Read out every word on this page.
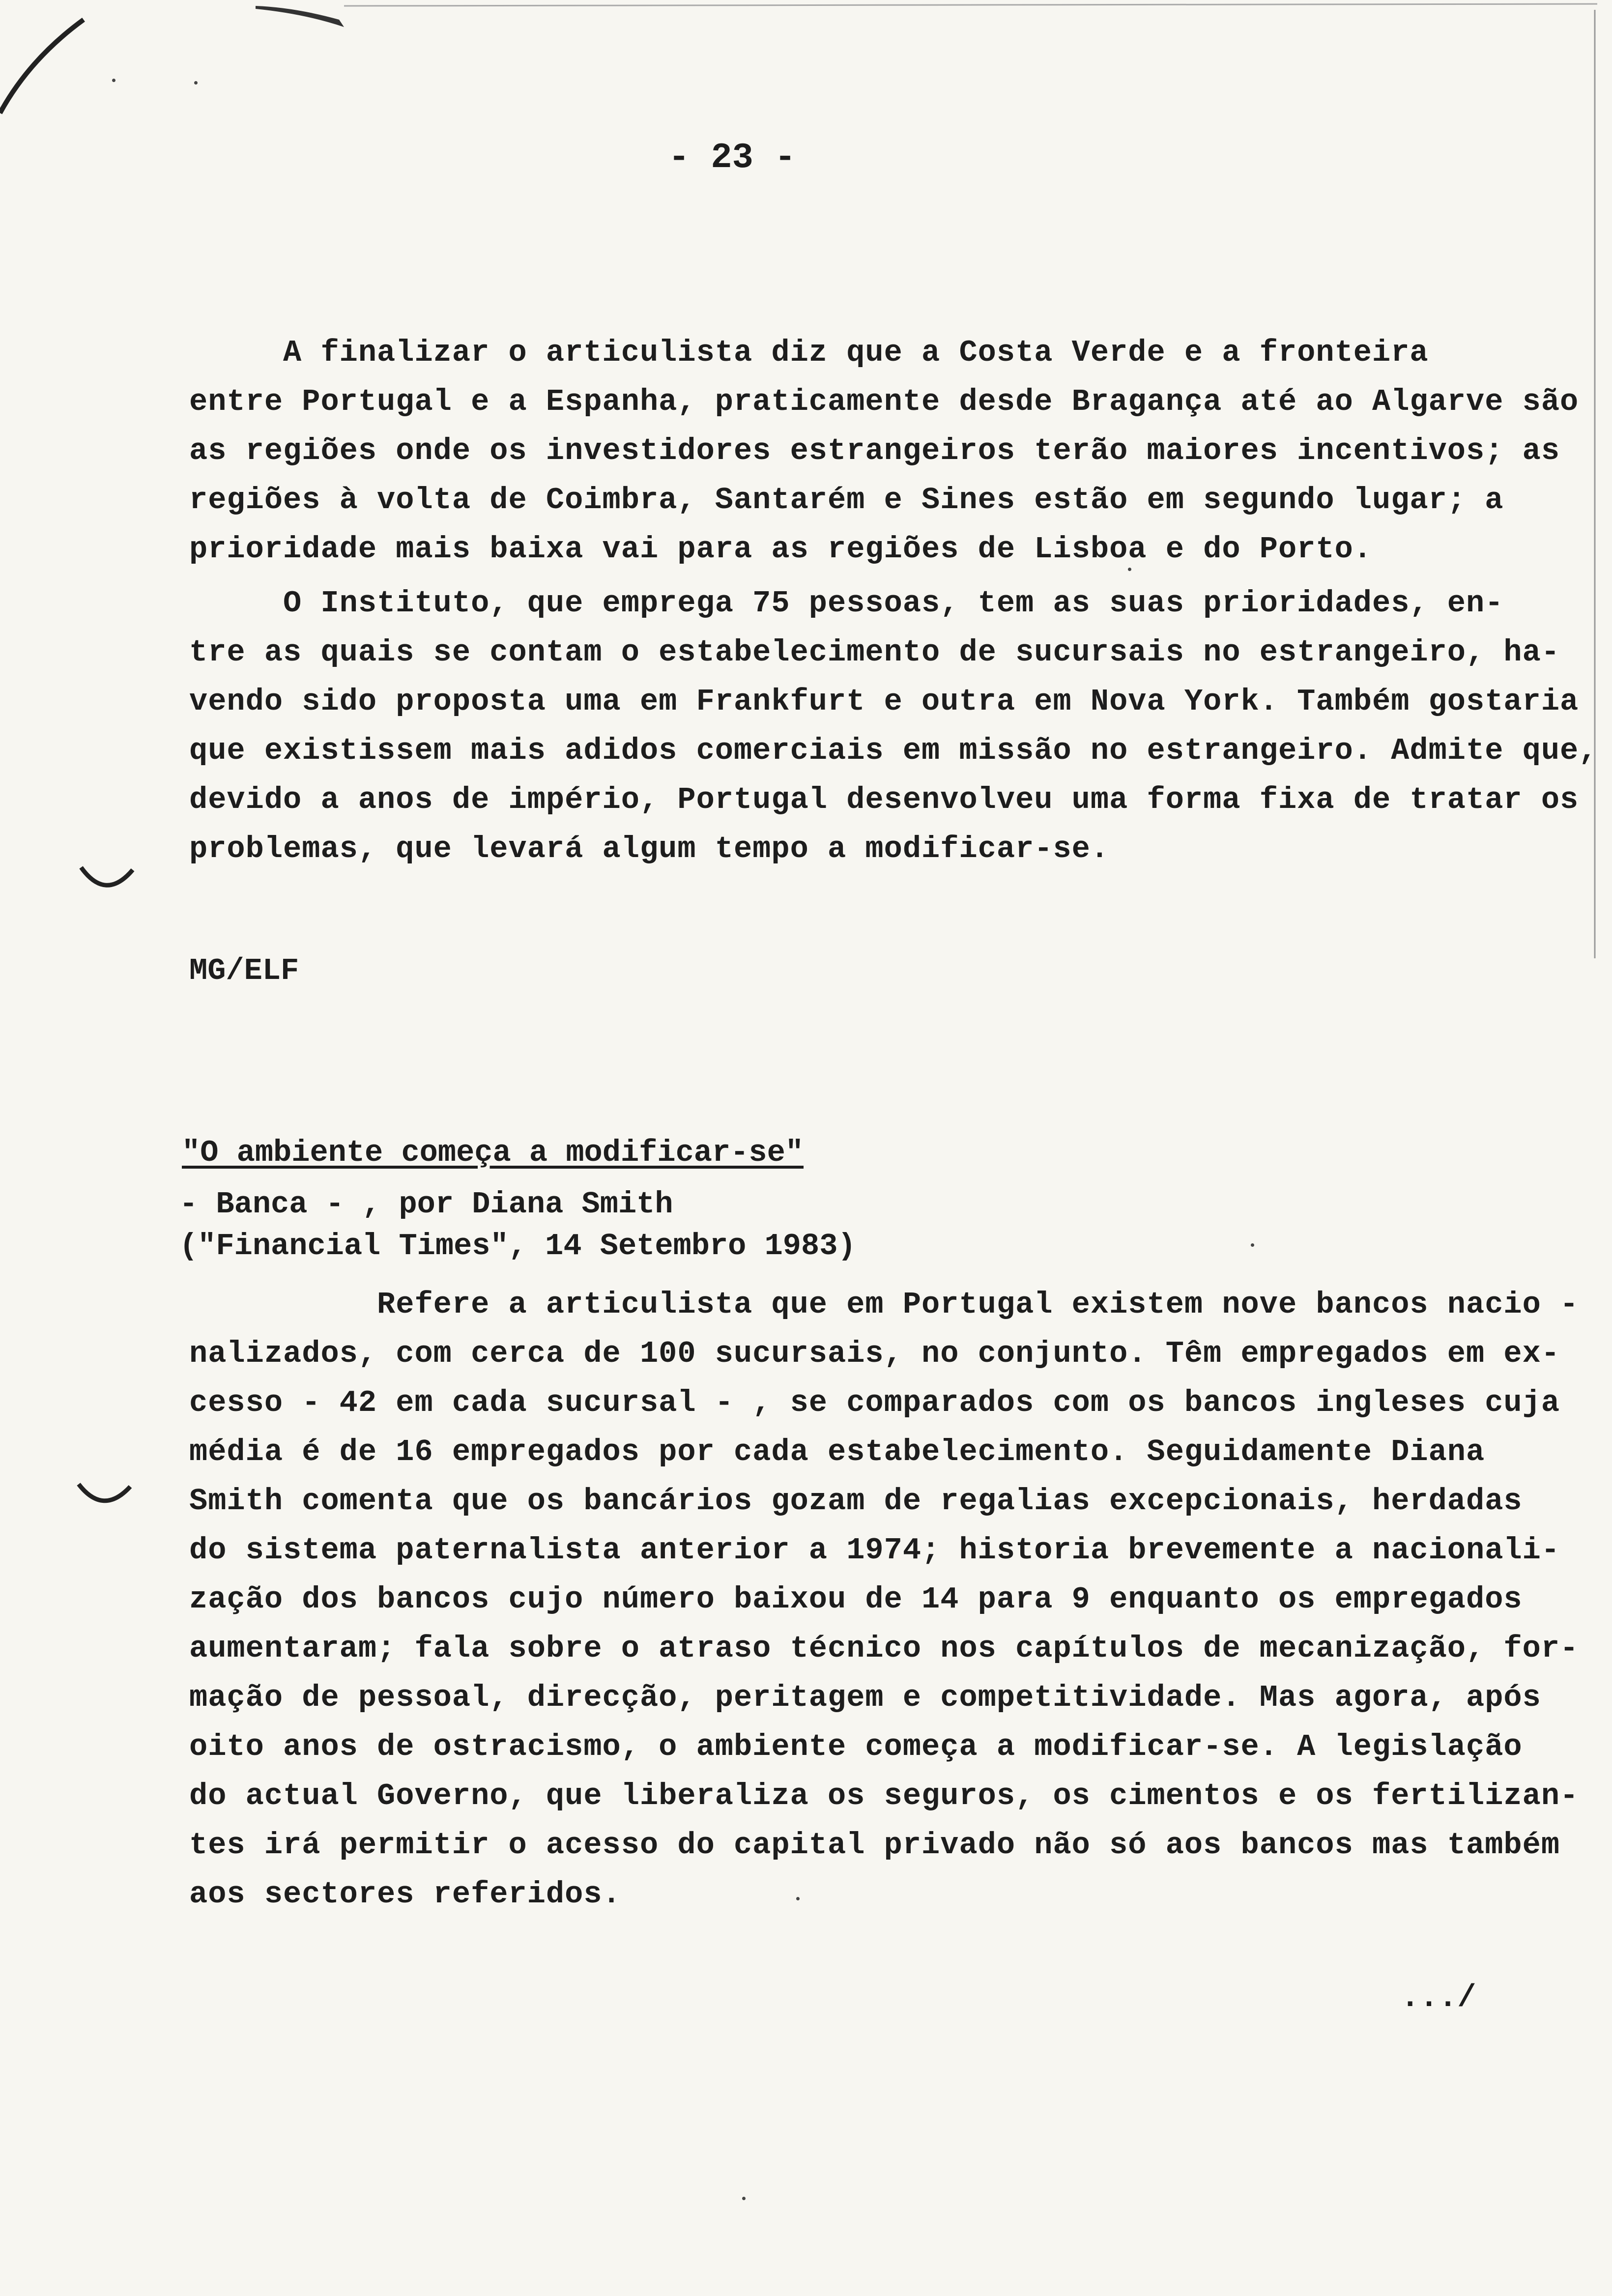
- 23 -
A finalizar o articulista diz que a Costa Verde e a fronteira
entre Portugal e a Espanha, praticamente desde Bragança até ao Algarve são
as regiões onde os investidores estrangeiros terão maiores incentivos; as
regiões à volta de Coimbra, Santarém e Sines estão em segundo lugar; a
prioridade mais baixa vai para as regiões de Lisboa e do Porto.
O Instituto, que emprega 75 pessoas, tem as suas prioridades, en-
tre as quais se contam o estabelecimento de sucursais no estrangeiro, ha-
vendo sido proposta uma em Frankfurt e outra em Nova York. Também gostaria
que existissem mais adidos comerciais em missão no estrangeiro. Admite que,
devido a anos de império, Portugal desenvolveu uma forma fixa de tratar os
problemas, que levará algum tempo a modificar-se.
MG/ELF
"O ambiente começa a modificar-se"
- Banca - , por Diana Smith
("Financial Times", 14 Setembro 1983)
Refere a articulista que em Portugal existem nove bancos nacio -
nalizados, com cerca de 100 sucursais, no conjunto. Têm empregados em ex-
cesso - 42 em cada sucursal - , se comparados com os bancos ingleses cuja
média é de 16 empregados por cada estabelecimento. Seguidamente Diana
Smith comenta que os bancários gozam de regalias excepcionais, herdadas
do sistema paternalista anterior a 1974; historia brevemente a nacionali-
zação dos bancos cujo número baixou de 14 para 9 enquanto os empregados
aumentaram; fala sobre o atraso técnico nos capítulos de mecanização, for-
mação de pessoal, direcção, peritagem e competitividade. Mas agora, após
oito anos de ostracismo, o ambiente começa a modificar-se. A legislação
do actual Governo, que liberaliza os seguros, os cimentos e os fertilizan-
tes irá permitir o acesso do capital privado não só aos bancos mas também
aos sectores referidos.
.../
